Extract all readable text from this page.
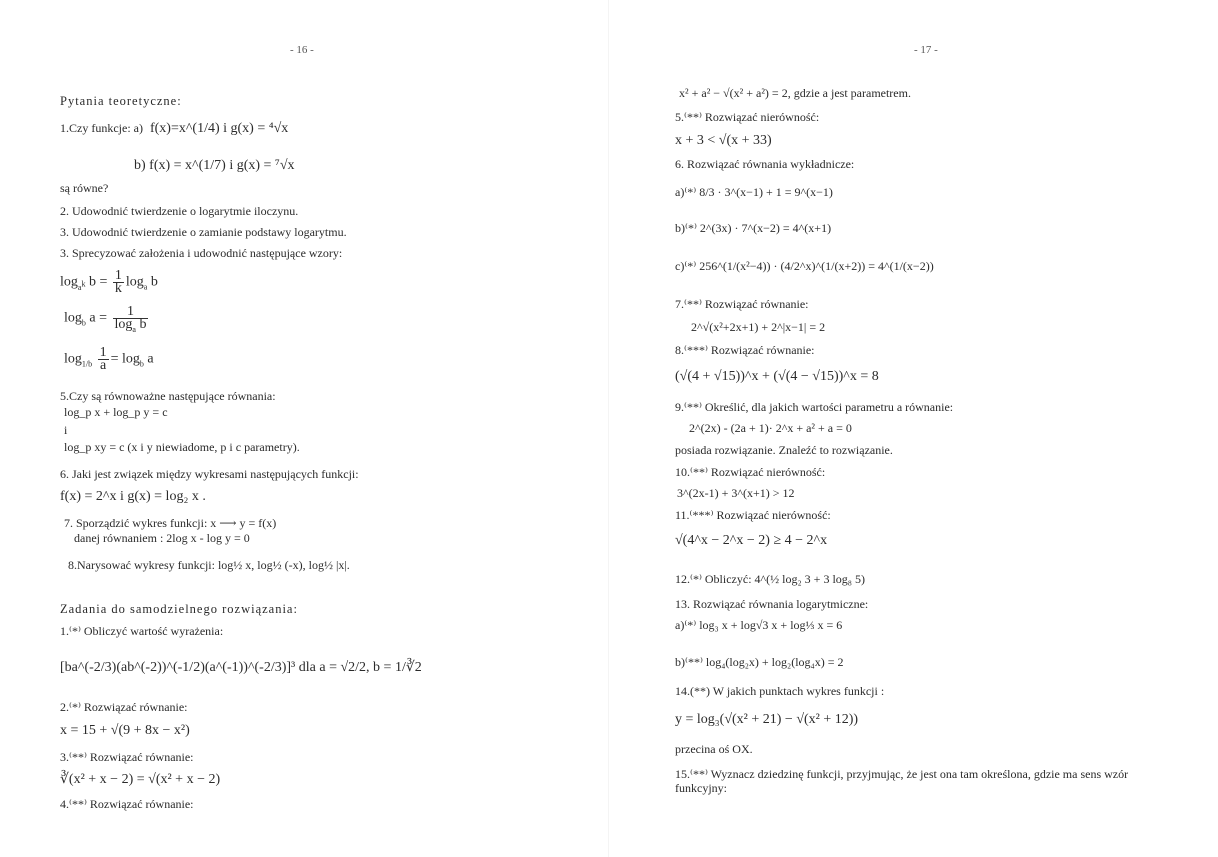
- 16 -
Pytania teoretyczne:
1.Czy funkcje: a) f(x)=x^(1/4) i g(x) = ⁴√x
b) f(x) = x^(1/7) i g(x) = ⁷√x
są równe?
2. Udowodnić twierdzenie o logarytmie iloczynu.
3. Udowodnić twierdzenie o zamianie podstawy logarytmu.
3. Sprecyzować założenia i udowodnić następujące wzory:
$\log_{a^k} b = \frac{1}{k} \log_a b$
$\log_b a = \frac{1}{\log_a b}$
$\log_{1/b} \frac{1}{a} = \log_b a$
5.Czy są równoważne następujące równania:
log_p x + log_p y = c
i
log_p xy = c (x i y niewiadome, p i c parametry).
6. Jaki jest związek między wykresami następujących funkcji:
f(x) = 2^x i g(x) = log₂ x .
7. Sporządzić wykres funkcji: x ⟶ y = f(x)
danej równaniem : 2log x - log y = 0
8.Narysować wykresy funkcji: log½ x, log½ (-x), log½ |x|.
Zadania do samodzielnego rozwiązania:
1.⁽*⁾ Obliczyć wartość wyrażenia:
[ba^(-2/3)(ab^(-2))^(-1/2)(a^(-1))^(-2/3)]³ dla a = √2/2, b = 1/∛2
2.⁽*⁾ Rozwiązać równanie:
x = 15 + √(9 + 8x − x²)
3.⁽**⁾ Rozwiązać równanie:
∛(x² + x − 2) = √(x² + x − 2)
4.⁽**⁾ Rozwiązać równanie:
- 17 -
x² + a² − √(x² + a²) = 2, gdzie a jest parametrem.
5.⁽**⁾ Rozwiązać nierówność:
x + 3 < √(x + 33)
6. Rozwiązać równania wykładnicze:
a)⁽*⁾ 8/3 · 3^(x−1) + 1 = 9^(x−1)
b)⁽*⁾ 2^(3x) · 7^(x−2) = 4^(x+1)
c)⁽*⁾ 256^(1/(x²−4)) · (4/2^x)^(1/(x+2)) = 4^(1/(x−2))
7.⁽**⁾ Rozwiązać równanie:
2^√(x²+2x+1) + 2^|x−1| = 2
8.⁽***⁾ Rozwiązać równanie:
(√(4 + √15))^x + (√(4 − √15))^x = 8
9.⁽**⁾ Określić, dla jakich wartości parametru a równanie:
2^(2x) - (2a + 1)· 2^x + a² + a = 0
posiada rozwiązanie. Znaleźć to rozwiązanie.
10.⁽**⁾ Rozwiązać nierówność:
3^(2x-1) + 3^(x+1) > 12
11.⁽***⁾ Rozwiązać nierówność:
√(4^x − 2^x − 2) ≥ 4 − 2^x
12.⁽*⁾ Obliczyć: 4^(½ log₂ 3 + 3 log₈ 5)
13. Rozwiązać równania logarytmiczne:
a)⁽*⁾ log₃ x + log√3 x + log⅓ x = 6
b)⁽**⁾ log₄(log₂x) + log₂(log₄x) = 2
14.(**) W jakich punktach wykres funkcji :
y = log₃(√(x² + 21) − √(x² + 12))
przecina oś OX.
15.⁽**⁾ Wyznacz dziedzinę funkcji, przyjmując, że jest ona tam określona, gdzie ma sens wzór
funkcyjny:
